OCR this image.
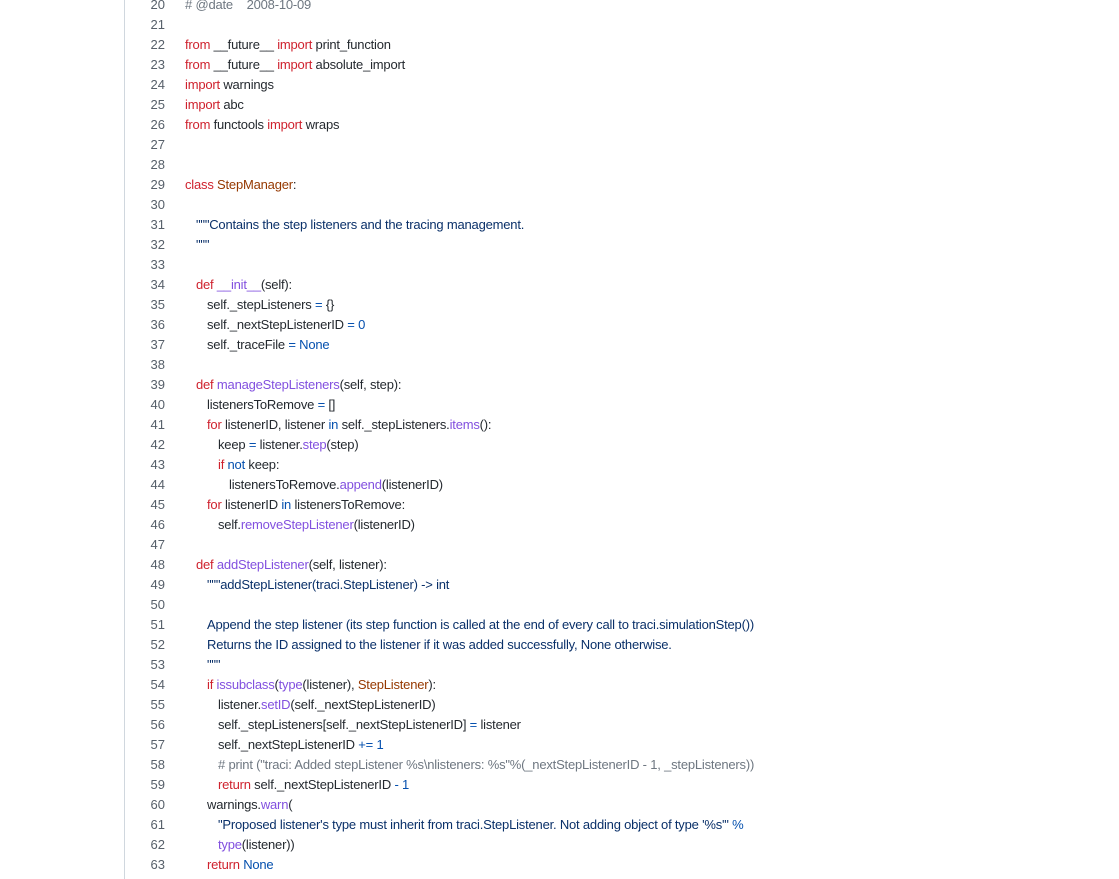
20	# @date    2008-10-09
21
22	from __future__ import print_function
23	from __future__ import absolute_import
24	import warnings
25	import abc
26	from functools import wraps
27
28
29	class StepManager:
30
31	"""Contains the step listeners and the tracing management.
32	"""
33
34	def __init__(self):
35	self._stepListeners = {}
36	self._nextStepListenerID = 0
37	self._traceFile = None
38
39	def manageStepListeners(self, step):
40	listenersToRemove = []
41	for listenerID, listener in self._stepListeners.items():
42	keep = listener.step(step)
43	if not keep:
44	listenersToRemove.append(listenerID)
45	for listenerID in listenersToRemove:
46	self.removeStepListener(listenerID)
47
48	def addStepListener(self, listener):
49	"""addStepListener(traci.StepListener) -> int
50
51	Append the step listener (its step function is called at the end of every call to traci.simulationStep())
52	Returns the ID assigned to the listener if it was added successfully, None otherwise.
53	"""
54	if issubclass(type(listener), StepListener):
55	listener.setID(self._nextStepListenerID)
56	self._stepListeners[self._nextStepListenerID] = listener
57	self._nextStepListenerID += 1
58	# print ("traci: Added stepListener %s\nlisteners: %s"%(_nextStepListenerID - 1, _stepListeners))
59	return self._nextStepListenerID - 1
60	warnings.warn(
61	"Proposed listener's type must inherit from traci.StepListener. Not adding object of type '%s'" %
62	type(listener))
63	return None
